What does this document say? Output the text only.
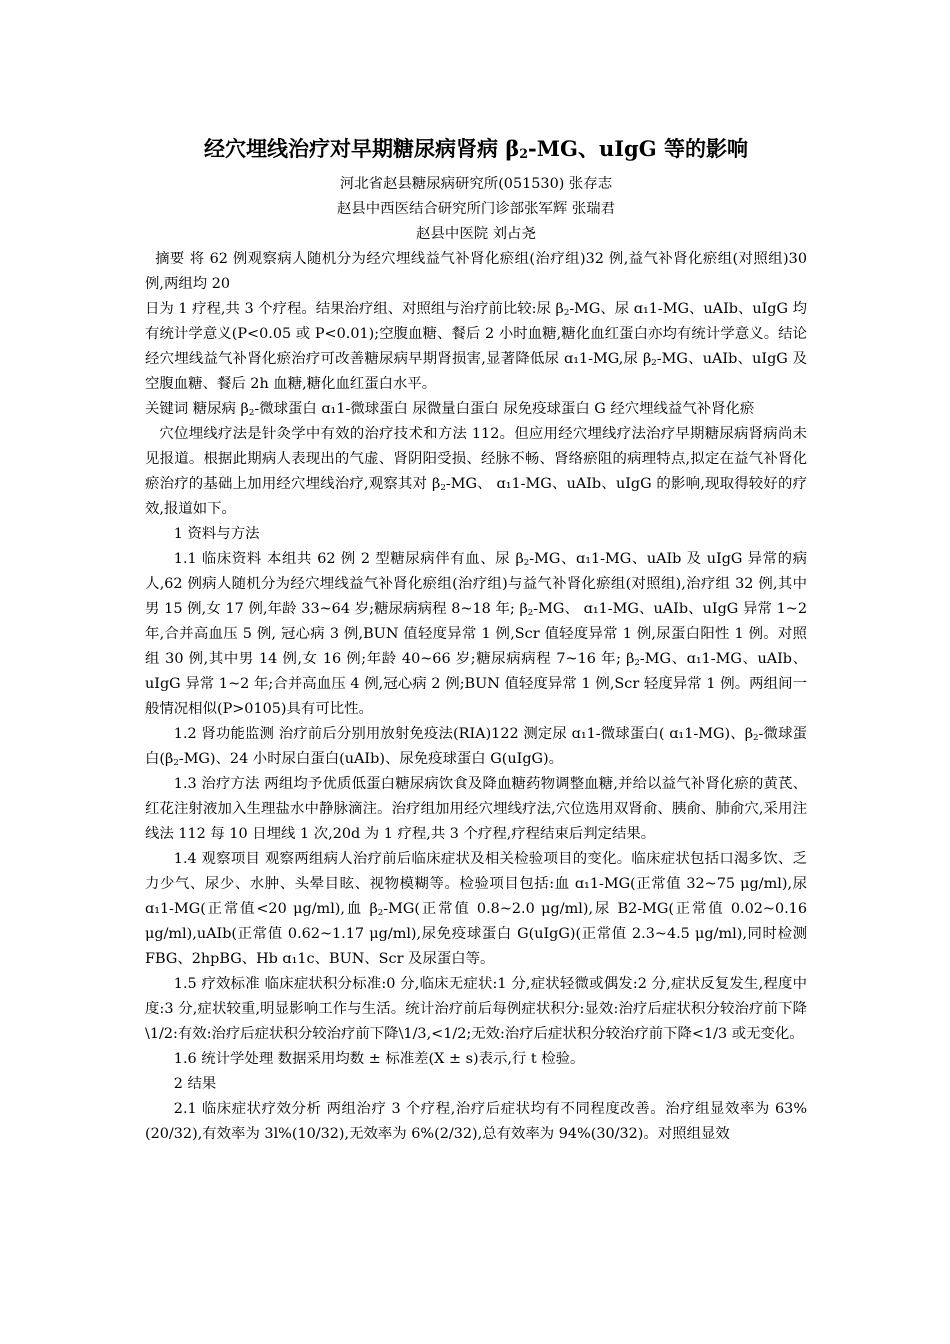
经穴埋线治疗对早期糖尿病肾病 $\beta_2-MG$、uIgG 等的影响

河北省赵县糖尿病研究所(051530) 张存志

赵县中西医结合研究所门诊部张军辉 张瑞君

赵县中医院 刘占尧

摘要 将 62 例观察病人随机分为经穴埋线益气补肾化瘀组(治疗组)32 例,益气补肾化瘀组(对照组)30 例,两组均 20

日为 1 疗程,共 3 个疗程。结果治疗组、对照组与治疗前比较:尿 $\beta_2-MG$、尿 ɑ₁1-MG、uAIb、uIgG 均有统计学意义(P<0.05 或 P<0.01);空腹血糖、餐后 2 小时血糖,糖化血红蛋白亦均有统计学意义。结论经穴埋线益气补肾化瘀治疗可改善糖尿病早期肾损害,显著降低尿 ɑ₁1-MG,尿 $\beta_2-MG$、uAIb、uIgG 及空腹血糖、餐后 2h 血糖,糖化血红蛋白水平。

关键词 糖尿病 $\beta_2-$微球蛋白 ɑ₁1-微球蛋白 尿微量白蛋白 尿免疫球蛋白 G 经穴埋线益气补肾化瘀

穴位埋线疗法是针灸学中有效的治疗技术和方法 112。但应用经穴埋线疗法治疗早期糖尿病肾病尚未见报道。根据此期病人表现出的气虚、肾阴阳受损、经脉不畅、肾络瘀阻的病理特点,拟定在益气补肾化瘀治疗的基础上加用经穴埋线治疗,观察其对 $\beta_2-MG$、 ɑ₁1-MG、uAIb、uIgG 的影响,现取得较好的疗效,报道如下。

1 资料与方法

1.1 临床资料 本组共 62 例 2 型糖尿病伴有血、尿 $\beta_2-MG$、ɑ₁1-MG、uAIb 及 uIgG 异常的病人,62 例病人随机分为经穴埋线益气补肾化瘀组(治疗组)与益气补肾化瘀组(对照组),治疗组 32 例,其中男 15 例,女 17 例,年龄 33~64 岁;糖尿病病程 8~18 年; $\beta_2-MG$、 ɑ₁1-MG、uAIb、uIgG 异常 1~2 年,合并高血压 5 例, 冠心病 3 例,BUN 值轻度异常 1 例,Scr 值轻度异常 1 例,尿蛋白阳性 1 例。对照组 30 例,其中男 14 例,女 16 例;年龄 40~66 岁;糖尿病病程 7~16 年; $\beta_2-MG$、ɑ₁1-MG、uAIb、uIgG 异常 1~2 年;合并高血压 4 例,冠心病 2 例;BUN 值轻度异常 1 例,Scr 轻度异常 1 例。两组间一般情况相似(P>0105)具有可比性。

1.2 肾功能监测 治疗前后分别用放射免疫法(RIA)122 测定尿 ɑ₁1-微球蛋白( ɑ₁1-MG)、$\beta_2-$微球蛋白$(\beta_2-MG)$、24 小时尿白蛋白(uAIb)、尿免疫球蛋白 G(uIgG)。

1.3 治疗方法 两组均予优质低蛋白糖尿病饮食及降血糖药物调整血糖,并给以益气补肾化瘀的黄芪、红花注射液加入生理盐水中静脉滴注。治疗组加用经穴埋线疗法,穴位选用双肾俞、胰俞、肺俞穴,采用注线法 112 每 10 日埋线 1 次,20d 为 1 疗程,共 3 个疗程,疗程结束后判定结果。

1.4 观察项目 观察两组病人治疗前后临床症状及相关检验项目的变化。临床症状包括口渴多饮、乏力少气、尿少、水肿、头晕目眩、视物模糊等。检验项目包括:血 ɑ₁1-MG(正常值 32~75 μg/ml),尿 ɑ₁1-MG(正常值<20 μg/ml),血 $\beta_2-MG$(正常值 0.8~2.0 μg/ml),尿 B2-MG(正常值 0.02~0.16 μg/ml),uAIb(正常值 0.62~1.17 μg/ml),尿免疫球蛋白 G(uIgG)(正常值 2.3~4.5 μg/ml),同时检测 FBG、2hpBG、Hb ɑ₁1c、BUN、Scr 及尿蛋白等。

1.5 疗效标准 临床症状积分标准:0 分,临床无症状:1 分,症状轻微或偶发:2 分,症状反复发生,程度中度:3 分,症状较重,明显影响工作与生活。统计治疗前后每例症状积分:显效:治疗后症状积分较治疗前下降\1/2:有效:治疗后症状积分较治疗前下降\1/3,<1/2;无效:治疗后症状积分较治疗前下降<1/3 或无变化。

1.6 统计学处理 数据采用均数 ± 标准差(X ± s)表示,行 t 检验。

2 结果

2.1 临床症状疗效分析 两组治疗 3 个疗程,治疗后症状均有不同程度改善。治疗组显效率为 63%(20/32),有效率为 3l%(10/32),无效率为 6%(2/32),总有效率为 94%(30/32)。对照组显效
